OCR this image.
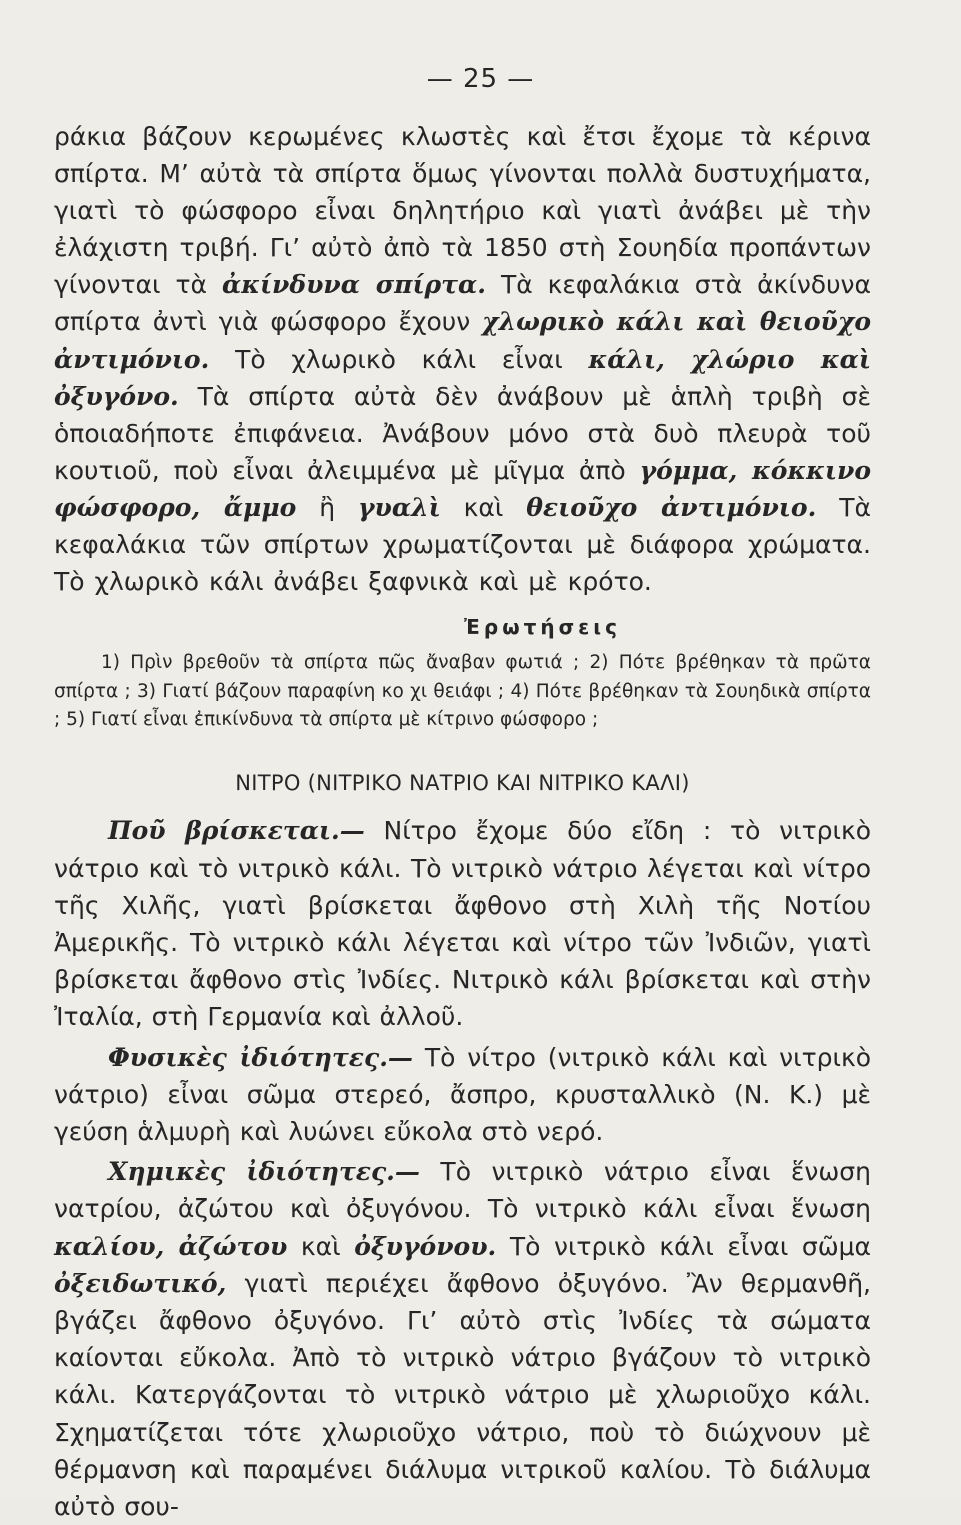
— 25 —

ράκια βάζουν κερωμένες κλωστὲς καὶ ἔτσι ἔχομε τὰ κέρινα σπίρτα. Μ’ αὐτὰ τὰ σπίρτα ὅμως γίνονται πολλὰ δυστυχήματα, γιατὶ τὸ φώσφορο εἶναι δηλητήριο καὶ γιατὶ ἀνάβει μὲ τὴν ἐλάχιστη τριβή. Γι’ αὐτὸ ἀπὸ τὰ 1850 στὴ Σουηδία προπάντων γίνονται τὰ ἀκίνδυνα σπίρτα. Τὰ κεφαλάκια στὰ ἀκίνδυνα σπίρτα ἀντὶ γιὰ φώσφορο ἔχουν χλωρικὸ κάλι καὶ θειοῦχο ἀντιμόνιο. Τὸ χλωρικὸ κάλι εἶναι κάλι, χλώριο καὶ ὀξυγόνο. Τὰ σπίρτα αὐτὰ δὲν ἀνάβουν μὲ ἁπλὴ τριβὴ σὲ ὁποιαδήποτε ἐπιφάνεια. Ἀνάβουν μόνο στὰ δυὸ πλευρὰ τοῦ κουτιοῦ, ποὺ εἶναι ἀλειμμένα μὲ μῖγμα ἀπὸ γόμμα, κόκκινο φώσφορο, ἄμμο ἢ γυαλὶ καὶ θειοῦχο ἀντιμόνιο. Τὰ κεφαλάκια τῶν σπίρτων χρωματίζονται μὲ διάφορα χρώματα. Τὸ χλωρικὸ κάλι ἀνάβει ξαφνικὰ καὶ μὲ κρότο.

Ἐρωτήσεις

1) Πρὶν βρεθοῦν τὰ σπίρτα πῶς ἄναβαν φωτιά ; 2) Πότε βρέθηκαν τὰ πρῶτα σπίρτα ; 3) Γιατί βάζουν παραφίνη κο χι θειάφι ; 4) Πότε βρέθηκαν τὰ Σουηδικὰ σπίρτα ; 5) Γιατί εἶναι ἐπικίνδυνα τὰ σπίρτα μὲ κίτρινο φώσφορο ;

ΝΙΤΡΟ (ΝΙΤΡΙΚΟ ΝΑΤΡΙΟ ΚΑΙ ΝΙΤΡΙΚΟ ΚΑΛΙ)

Ποῦ βρίσκεται.— Νίτρο ἔχομε δύο εἴδη : τὸ νιτρικὸ νάτριο καὶ τὸ νιτρικὸ κάλι. Τὸ νιτρικὸ νάτριο λέγεται καὶ νίτρο τῆς Χιλῆς, γιατὶ βρίσκεται ἄφθονο στὴ Χιλὴ τῆς Νοτίου Ἀμερικῆς. Τὸ νιτρικὸ κάλι λέγεται καὶ νίτρο τῶν Ἰνδιῶν, γιατὶ βρίσκεται ἄφθονο στὶς Ἰνδίες. Νιτρικὸ κάλι βρίσκεται καὶ στὴν Ἰταλία, στὴ Γερμανία καὶ ἀλλοῦ.

Φυσικὲς ἰδιότητες.— Τὸ νίτρο (νιτρικὸ κάλι καὶ νιτρικὸ νάτριο) εἶναι σῶμα στερεό, ἄσπρο, κρυσταλλικὸ (Ν. Κ.) μὲ γεύση ἁλμυρὴ καὶ λυώνει εὔκολα στὸ νερό.

Χημικὲς ἰδιότητες.— Τὸ νιτρικὸ νάτριο εἶναι ἕνωση νατρίου, ἀζώτου καὶ ὀξυγόνου. Τὸ νιτρικὸ κάλι εἶναι ἕνωση καλίου, ἀζώτου καὶ ὀξυγόνου. Τὸ νιτρικὸ κάλι εἶναι σῶμα ὀξειδωτικό, γιατὶ περιέχει ἄφθονο ὀξυγόνο. Ἂν θερμανθῆ, βγάζει ἄφθονο ὀξυγόνο. Γι’ αὐτὸ στὶς Ἰνδίες τὰ σώματα καίονται εὔκολα. Ἀπὸ τὸ νιτρικὸ νάτριο βγάζουν τὸ νιτρικὸ κάλι. Κατεργάζονται τὸ νιτρικὸ νάτριο μὲ χλωριοῦχο κάλι. Σχηματίζεται τότε χλωριοῦχο νάτριο, ποὺ τὸ διώχνουν μὲ θέρμανση καὶ παραμένει διάλυμα νιτρικοῦ καλίου. Τὸ διάλυμα αὐτὸ σου-
